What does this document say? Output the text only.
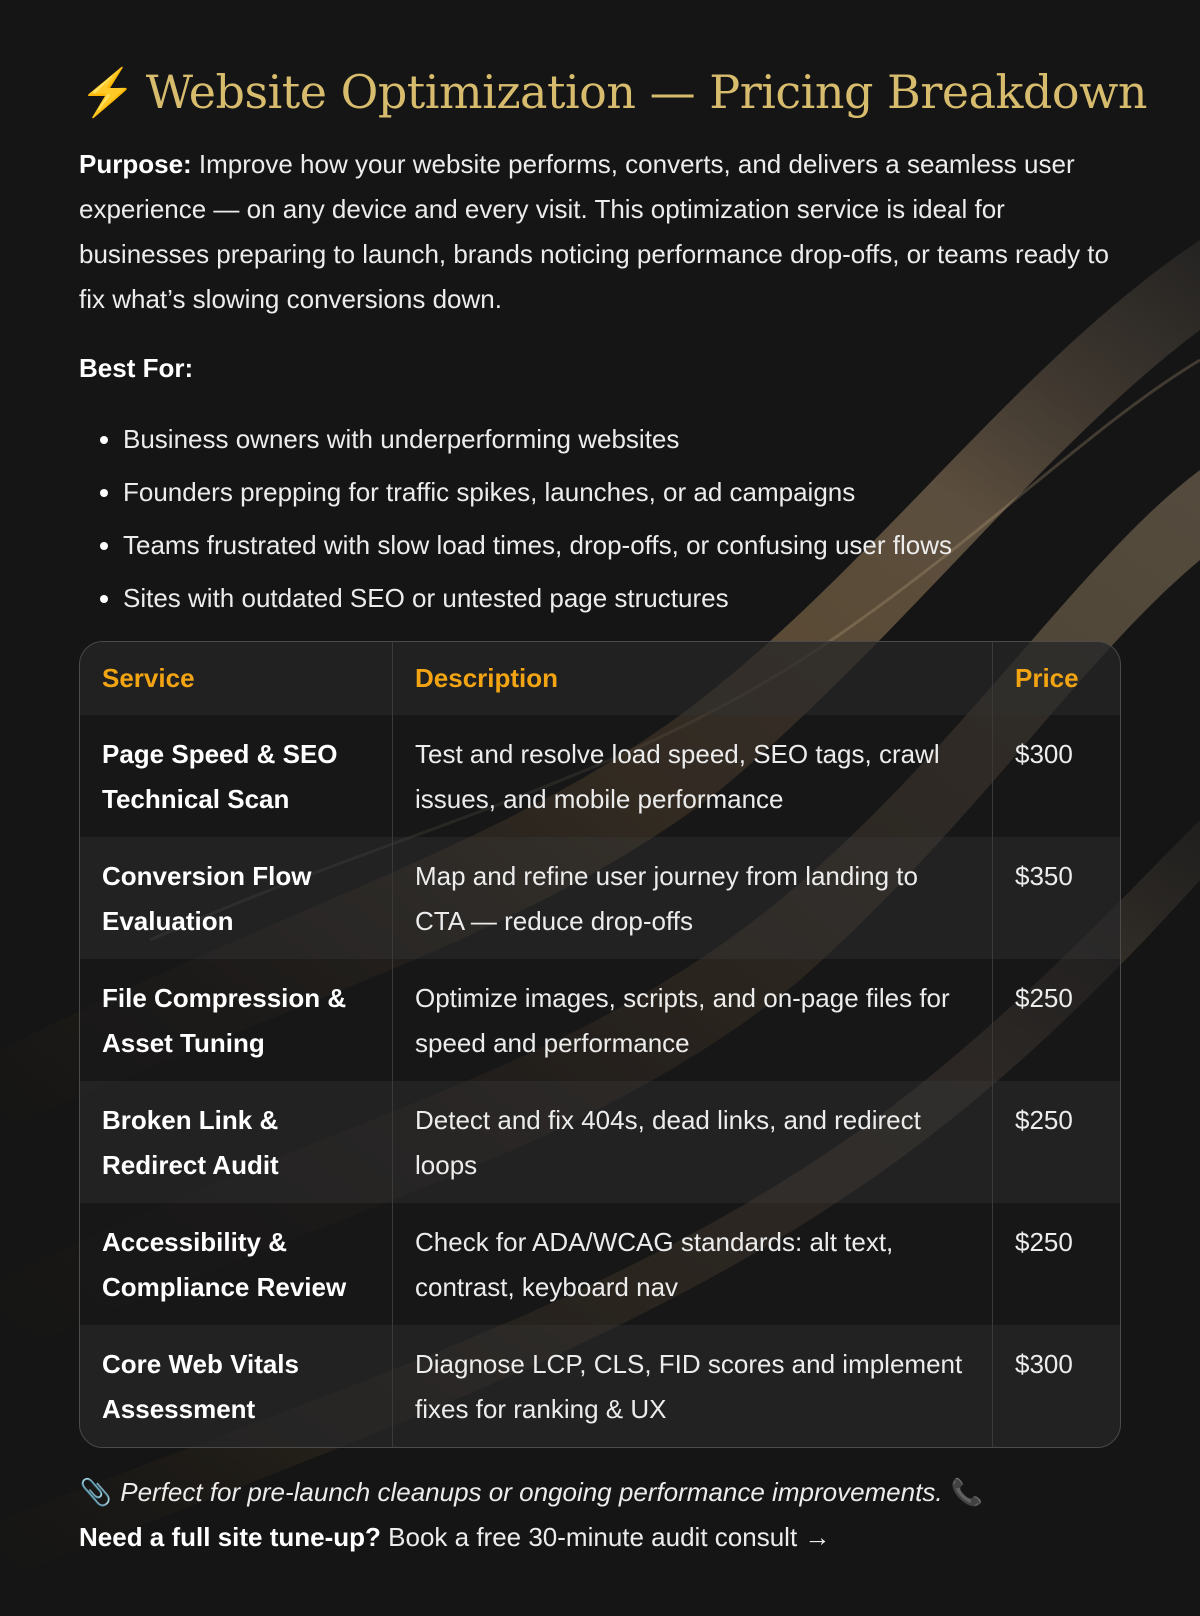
⚡ Website Optimization — Pricing Breakdown

Purpose: Improve how your website performs, converts, and delivers a seamless user experience — on any device and every visit. This optimization service is ideal for businesses preparing to launch, brands noticing performance drop-offs, or teams ready to fix what’s slowing conversions down.

Best For:

• Business owners with underperforming websites
• Founders prepping for traffic spikes, launches, or ad campaigns
• Teams frustrated with slow load times, drop-offs, or confusing user flows
• Sites with outdated SEO or untested page structures
Service	Description	Price
Page Speed & SEO Technical Scan	Test and resolve load speed, SEO tags, crawl issues, and mobile performance	$300
Conversion Flow Evaluation	Map and refine user journey from landing to CTA — reduce drop-offs	$350
File Compression & Asset Tuning	Optimize images, scripts, and on-page files for speed and performance	$250
Broken Link & Redirect Audit	Detect and fix 404s, dead links, and redirect loops	$250
Accessibility & Compliance Review	Check for ADA/WCAG standards: alt text, contrast, keyboard nav	$250
Core Web Vitals Assessment	Diagnose LCP, CLS, FID scores and implement fixes for ranking & UX	$300
📎 Perfect for pre-launch cleanups or ongoing performance improvements. 📞
Need a full site tune-up? Book a free 30-minute audit consult →
